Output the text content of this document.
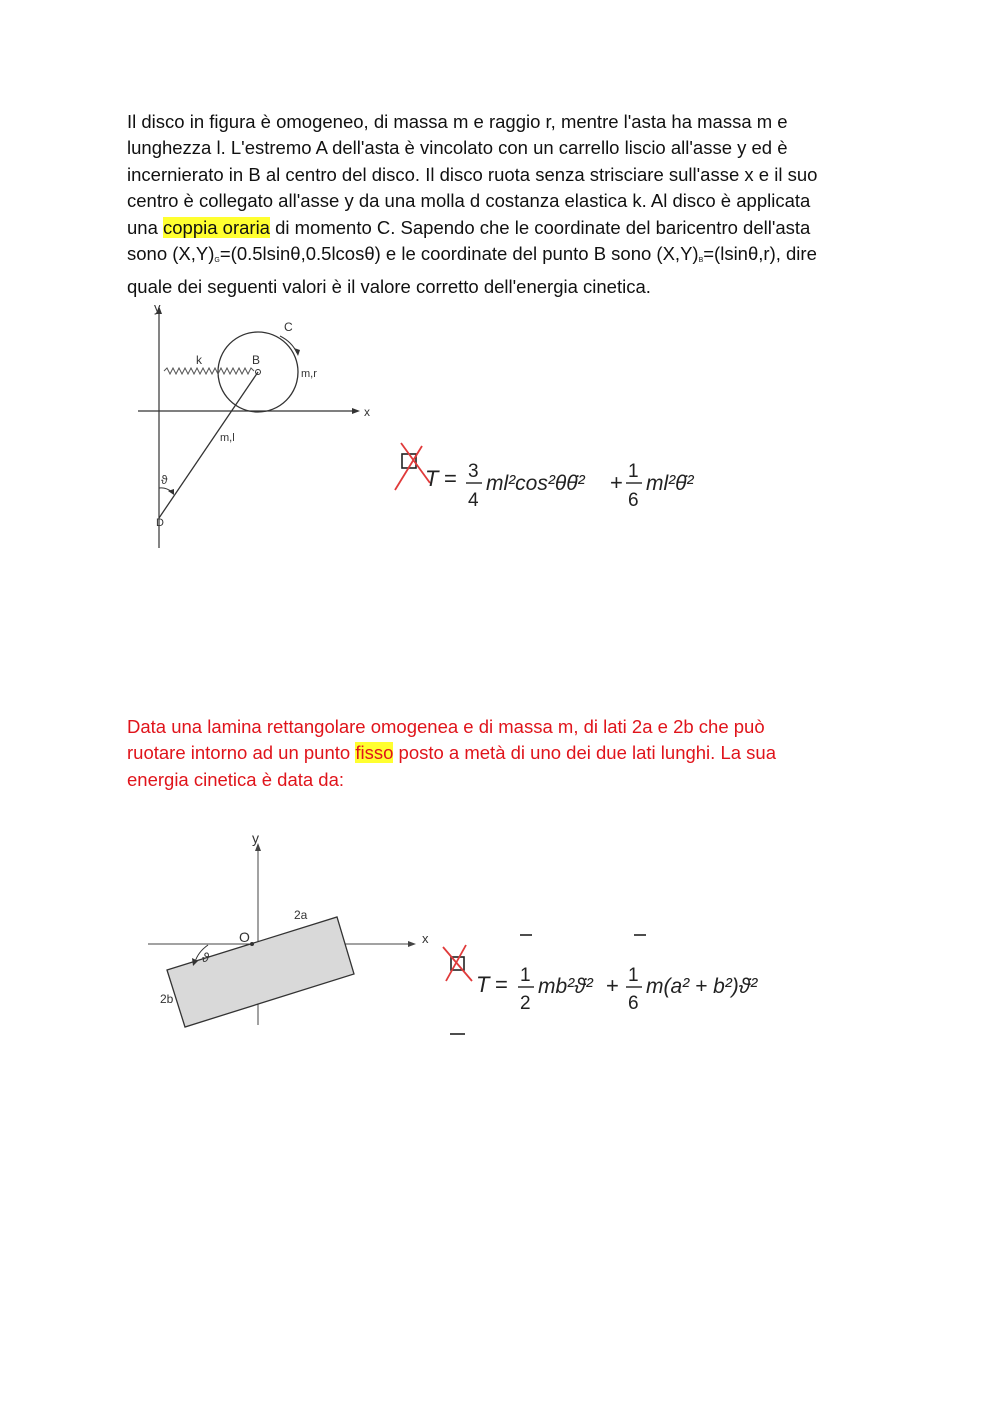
Il disco in figura è omogeneo, di massa m e raggio r, mentre l'asta ha massa m e
lunghezza l. L'estremo A dell'asta è vincolato con un carrello liscio all'asse y ed è
incernierato in B al centro del disco. Il disco ruota senza strisciare sull'asse x e il suo
centro è collegato all'asse y da una molla d costanza elastica k. Al disco è applicata
una coppia oraria di momento C. Sapendo che le coordinate del baricentro dell'asta
sono $(X,Y)_G=(0.5lsin\theta,0.5lcos\theta)$ e le coordinate del punto B sono $(X,Y)_B=(lsin\theta,r)$, dire
quale dei seguenti valori è il valore corretto dell'energia cinetica.
y
x
B
m,r
C
k
m,l
ϑ
D
T = 3
4
ml²cos²θθ̇² + 1
6
ml²θ̇²
Data una lamina rettangolare omogenea e di massa m, di lati 2a e 2b che può
ruotare intorno ad un punto fisso posto a metà di uno dei due lati lunghi. La sua
energia cinetica è data da:
y
x
O
2a
2b
ϑ
T = 1
2
mb²ϑ̇² + 1
6
m(a² + b²)ϑ̇²
